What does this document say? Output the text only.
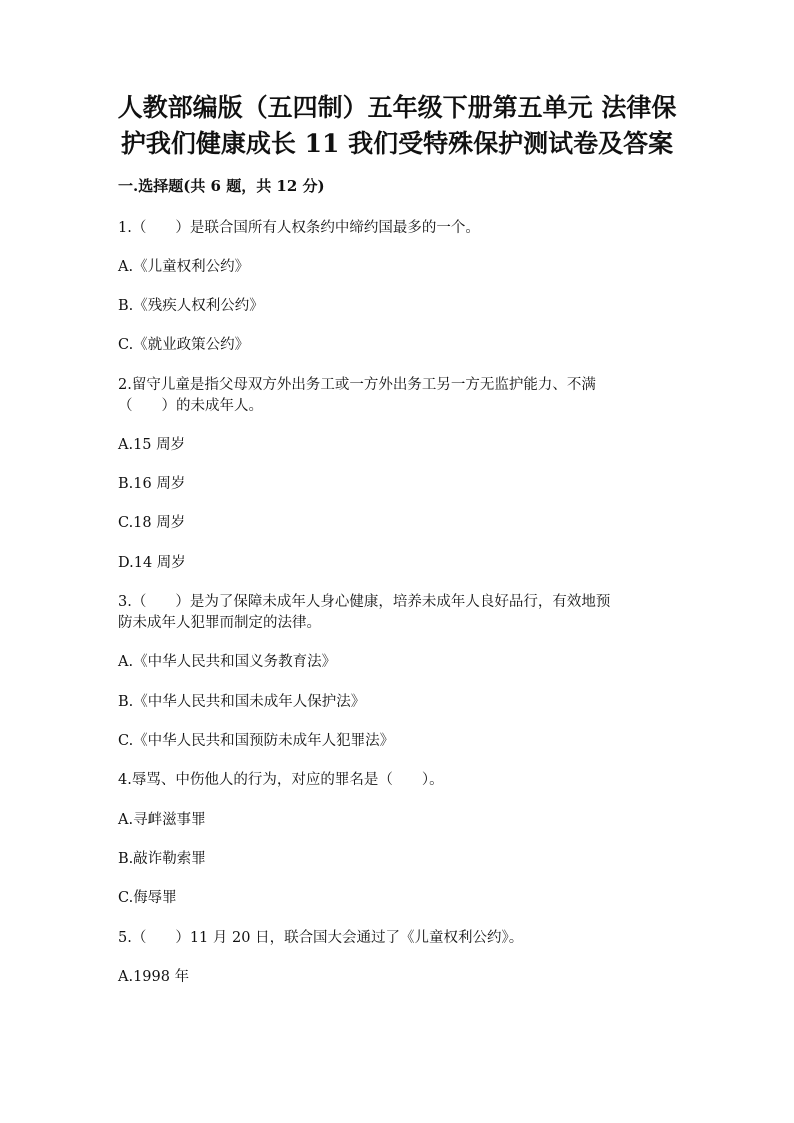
人教部编版（五四制）五年级下册第五单元 法律保
护我们健康成长 11 我们受特殊保护测试卷及答案
一.选择题(共 6 题，共 12 分)
1.（　　）是联合国所有人权条约中缔约国最多的一个。
A.《儿童权利公约》
B.《残疾人权利公约》
C.《就业政策公约》
2.留守儿童是指父母双方外出务工或一方外出务工另一方无监护能力、不满
（　　）的未成年人。
A.15 周岁
B.16 周岁
C.18 周岁
D.14 周岁
3.（　　）是为了保障未成年人身心健康，培养未成年人良好品行，有效地预
防未成年人犯罪而制定的法律。
A.《中华人民共和国义务教育法》
B.《中华人民共和国未成年人保护法》
C.《中华人民共和国预防未成年人犯罪法》
4.辱骂、中伤他人的行为，对应的罪名是（　　）。
A.寻衅滋事罪
B.敲诈勒索罪
C.侮辱罪
5.（　　）11 月 20 日，联合国大会通过了《儿童权利公约》。
A.1998 年
